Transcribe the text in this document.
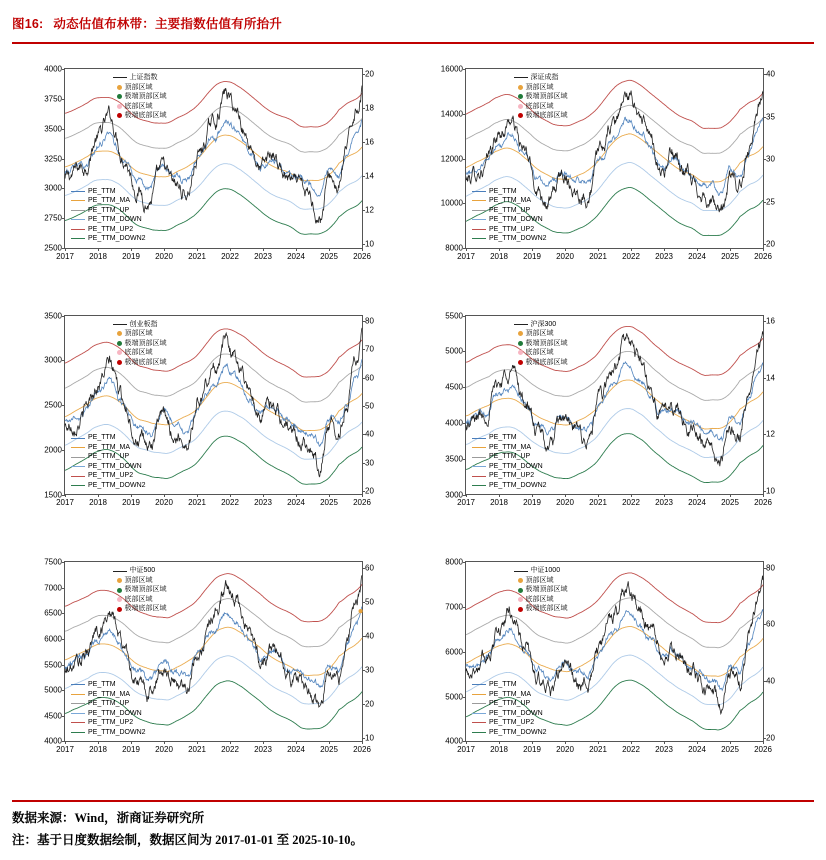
图16: 动态估值布林带：主要指数估值有所抬升
2500
2750
3000
3250
3500
3750
4000
10
12
14
16
18
20
2017 2018 2019 2020 2021 2022 2023 2024 2025 2026
上证指数
顶部区域
极端顶部区域
底部区域
极端底部区域
PE_TTM
PE_TTM_MA
PE_TTM_UP
PE_TTM_DOWN
PE_TTM_UP2
PE_TTM_DOWN2
8000
10000
12000
14000
16000
20
25
30
35
40
2017 2018 2019 2020 2021 2022 2023 2024 2025 2026
深证成指
顶部区域
极端顶部区域
底部区域
极端底部区域
PE_TTM
PE_TTM_MA
PE_TTM_UP
PE_TTM_DOWN
PE_TTM_UP2
PE_TTM_DOWN2
1500
2000
2500
3000
3500
20
30
40
50
60
70
80
2017 2018 2019 2020 2021 2022 2023 2024 2025 2026
创业板指
顶部区域
极端顶部区域
底部区域
极端底部区域
PE_TTM
PE_TTM_MA
PE_TTM_UP
PE_TTM_DOWN
PE_TTM_UP2
PE_TTM_DOWN2
3000
3500
4000
4500
5000
5500
10
12
14
16
2017 2018 2019 2020 2021 2022 2023 2024 2025 2026
沪深300
顶部区域
极端顶部区域
底部区域
极端底部区域
PE_TTM
PE_TTM_MA
PE_TTM_UP
PE_TTM_DOWN
PE_TTM_UP2
PE_TTM_DOWN2
4000
4500
5000
5500
6000
6500
7000
7500
10
20
30
40
50
60
2017 2018 2019 2020 2021 2022 2023 2024 2025 2026
中证500
顶部区域
极端顶部区域
底部区域
极端底部区域
PE_TTM
PE_TTM_MA
PE_TTM_UP
PE_TTM_DOWN
PE_TTM_UP2
PE_TTM_DOWN2
4000
5000
6000
7000
8000
20
40
60
80
2017 2018 2019 2020 2021 2022 2023 2024 2025 2026
中证1000
顶部区域
极端顶部区域
底部区域
极端底部区域
PE_TTM
PE_TTM_MA
PE_TTM_UP
PE_TTM_DOWN
PE_TTM_UP2
PE_TTM_DOWN2
数据来源：Wind，浙商证券研究所
注：基于日度数据绘制，数据区间为 2017-01-01 至 2025-10-10。
